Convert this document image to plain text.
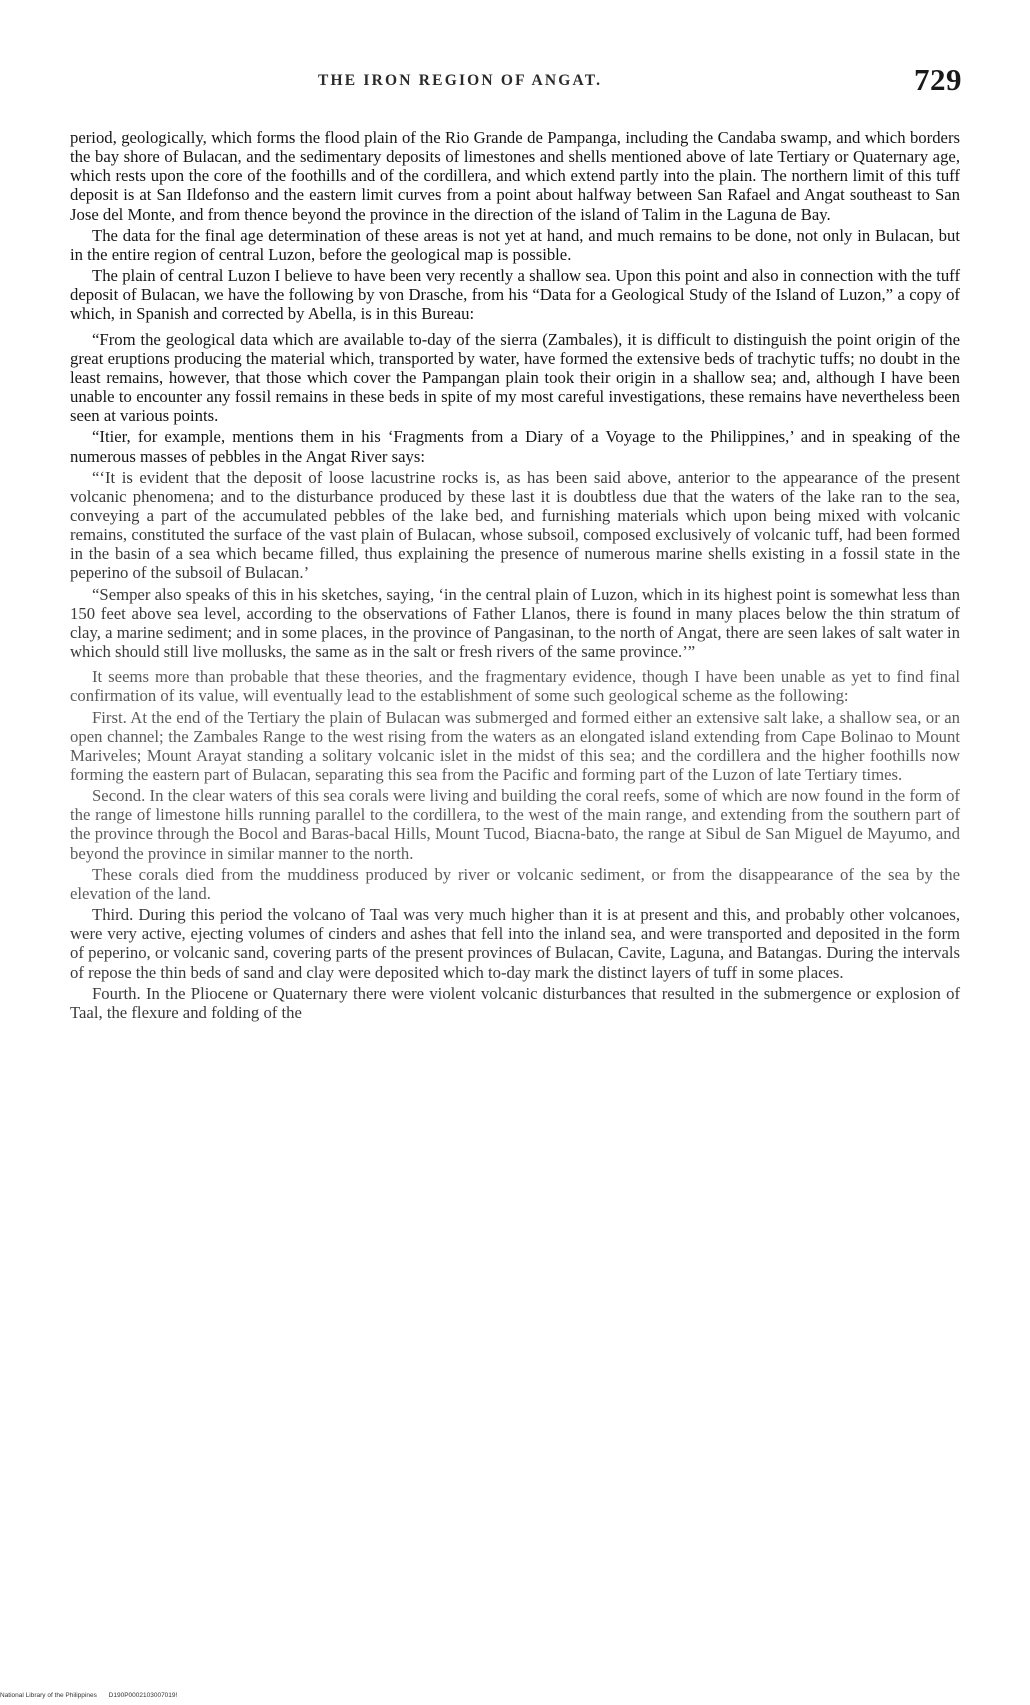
THE IRON REGION OF ANGAT.	729

period, geologically, which forms the flood plain of the Rio Grande de Pampanga, including the Candaba swamp, and which borders the bay shore of Bulacan, and the sedimentary deposits of limestones and shells mentioned above of late Tertiary or Quaternary age, which rests upon the core of the foothills and of the cordillera, and which extend partly into the plain. The northern limit of this tuff deposit is at San Ildefonso and the eastern limit curves from a point about halfway between San Rafael and Angat southeast to San Jose del Monte, and from thence beyond the province in the direction of the island of Talim in the Laguna de Bay.

The data for the final age determination of these areas is not yet at hand, and much remains to be done, not only in Bulacan, but in the entire region of central Luzon, before the geological map is possible.

The plain of central Luzon I believe to have been very recently a shallow sea. Upon this point and also in connection with the tuff deposit of Bulacan, we have the following by von Drasche, from his “Data for a Geological Study of the Island of Luzon,” a copy of which, in Spanish and corrected by Abella, is in this Bureau:

“From the geological data which are available to-day of the sierra (Zambales), it is difficult to distinguish the point origin of the great eruptions producing the material which, transported by water, have formed the extensive beds of trachytic tuffs; no doubt in the least remains, however, that those which cover the Pampangan plain took their origin in a shallow sea; and, although I have been unable to encounter any fossil remains in these beds in spite of my most careful investigations, these remains have nevertheless been seen at various points.

“Itier, for example, mentions them in his ‘Fragments from a Diary of a Voyage to the Philippines,’ and in speaking of the numerous masses of pebbles in the Angat River says:

“‘It is evident that the deposit of loose lacustrine rocks is, as has been said above, anterior to the appearance of the present volcanic phenomena; and to the disturbance produced by these last it is doubtless due that the waters of the lake ran to the sea, conveying a part of the accumulated pebbles of the lake bed, and furnishing materials which upon being mixed with volcanic remains, constituted the surface of the vast plain of Bulacan, whose subsoil, composed exclusively of volcanic tuff, had been formed in the basin of a sea which became filled, thus explaining the presence of numerous marine shells existing in a fossil state in the peperino of the subsoil of Bulacan.’

“Semper also speaks of this in his sketches, saying, ‘in the central plain of Luzon, which in its highest point is somewhat less than 150 feet above sea level, according to the observations of Father Llanos, there is found in many places below the thin stratum of clay, a marine sediment; and in some places, in the province of Pangasinan, to the north of Angat, there are seen lakes of salt water in which should still live mollusks, the same as in the salt or fresh rivers of the same province.’”

It seems more than probable that these theories, and the fragmentary evidence, though I have been unable as yet to find final confirmation of its value, will eventually lead to the establishment of some such geological scheme as the following:

First. At the end of the Tertiary the plain of Bulacan was submerged and formed either an extensive salt lake, a shallow sea, or an open channel; the Zambales Range to the west rising from the waters as an elongated island extending from Cape Bolinao to Mount Mariveles; Mount Arayat standing a solitary volcanic islet in the midst of this sea; and the cordillera and the higher foothills now forming the eastern part of Bulacan, separating this sea from the Pacific and forming part of the Luzon of late Tertiary times.

Second. In the clear waters of this sea corals were living and building the coral reefs, some of which are now found in the form of the range of limestone hills running parallel to the cordillera, to the west of the main range, and extending from the southern part of the province through the Bocol and Baras-bacal Hills, Mount Tucod, Biacna-bato, the range at Sibul de San Miguel de Mayumo, and beyond the province in similar manner to the north.

These corals died from the muddiness produced by river or volcanic sediment, or from the disappearance of the sea by the elevation of the land.

Third. During this period the volcano of Taal was very much higher than it is at present and this, and probably other volcanoes, were very active, ejecting volumes of cinders and ashes that fell into the inland sea, and were transported and deposited in the form of peperino, or volcanic sand, covering parts of the present provinces of Bulacan, Cavite, Laguna, and Batangas. During the intervals of repose the thin beds of sand and clay were deposited which to-day mark the distinct layers of tuff in some places.

Fourth. In the Pliocene or Quaternary there were violent volcanic disturbances that resulted in the submergence or explosion of Taal, the flexure and folding of the

National Library of the Philippines D190P0002103007019!
